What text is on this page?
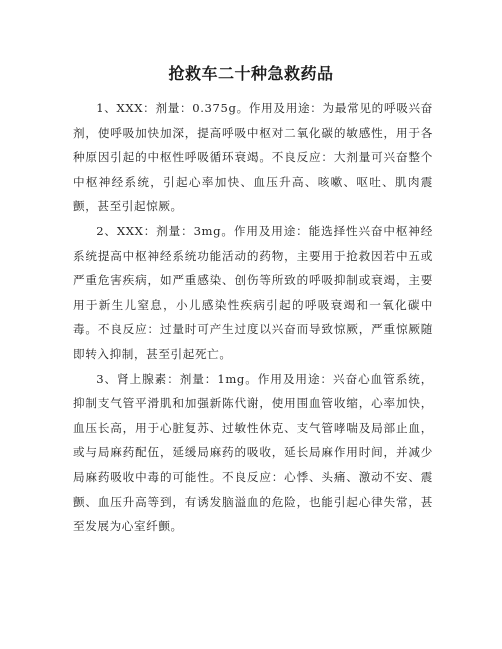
抢救车二十种急救药品

1、XXX：剂量：0.375g。作用及用途：为最常见的呼吸兴奋剂，使呼吸加快加深，提高呼吸中枢对二氧化碳的敏感性，用于各种原因引起的中枢性呼吸循环衰竭。不良反应：大剂量可兴奋整个中枢神经系统，引起心率加快、血压升高、咳嗽、呕吐、肌肉震颤，甚至引起惊厥。

2、XXX：剂量：3mg。作用及用途：能选择性兴奋中枢神经系统提高中枢神经系统功能活动的药物，主要用于抢救因若中五或严重危害疾病，如严重感染、创伤等所致的呼吸抑制或衰竭，主要用于新生儿窒息，小儿感染性疾病引起的呼吸衰竭和一氧化碳中毒。不良反应：过量时可产生过度以兴奋而导致惊厥，严重惊厥随即转入抑制，甚至引起死亡。

3、肾上腺素：剂量：1mg。作用及用途：兴奋心血管系统，抑制支气管平滑肌和加强新陈代谢，使用围血管收缩，心率加快，血压长高，用于心脏复苏、过敏性休克、支气管哮喘及局部止血，或与局麻药配伍，延缓局麻药的吸收，延长局麻作用时间，并减少局麻药吸收中毒的可能性。不良反应：心悸、头痛、激动不安、震颤、血压升高等到，有诱发脑溢血的危险，也能引起心律失常，甚至发展为心室纤颤。
